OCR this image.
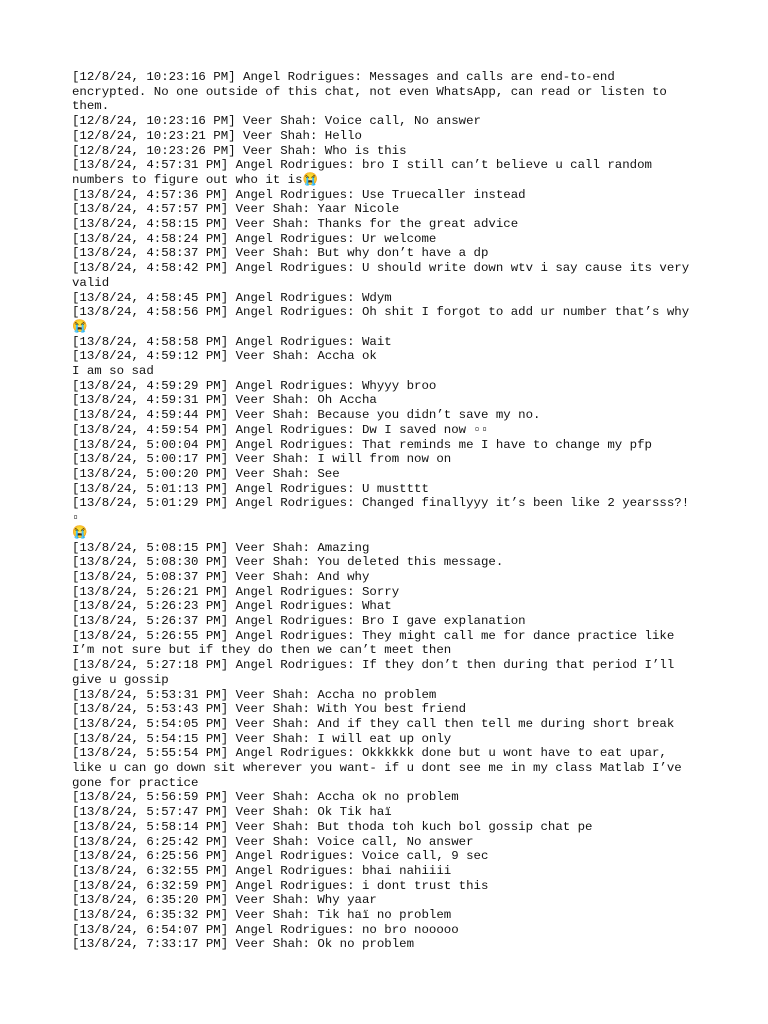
[12/8/24, 10:23:16 PM] Angel Rodrigues: Messages and calls are end-to-end encrypted. No one outside of this chat, not even WhatsApp, can read or listen to them.

[12/8/24, 10:23:16 PM] Veer Shah: Voice call, No answer

[12/8/24, 10:23:21 PM] Veer Shah: Hello

[12/8/24, 10:23:26 PM] Veer Shah: Who is this

[13/8/24, 4:57:31 PM] Angel Rodrigues: bro I still can’t believe u call random numbers to figure out who it is😭

[13/8/24, 4:57:36 PM] Angel Rodrigues: Use Truecaller instead

[13/8/24, 4:57:57 PM] Veer Shah: Yaar Nicole

[13/8/24, 4:58:15 PM] Veer Shah: Thanks for the great advice

[13/8/24, 4:58:24 PM] Angel Rodrigues: Ur welcome

[13/8/24, 4:58:37 PM] Veer Shah: But why don’t have a dp

[13/8/24, 4:58:42 PM] Angel Rodrigues: U should write down wtv i say cause its very valid

[13/8/24, 4:58:45 PM] Angel Rodrigues: Wdym

[13/8/24, 4:58:56 PM] Angel Rodrigues: Oh shit I forgot to add ur number that’s why😭

[13/8/24, 4:58:58 PM] Angel Rodrigues: Wait

[13/8/24, 4:59:12 PM] Veer Shah: Accha ok
I am so sad

[13/8/24, 4:59:29 PM] Angel Rodrigues: Whyyy broo

[13/8/24, 4:59:31 PM] Veer Shah: Oh Accha

[13/8/24, 4:59:44 PM] Veer Shah: Because you didn’t save my no.

[13/8/24, 4:59:54 PM] Angel Rodrigues: Dw I saved now ▫▫

[13/8/24, 5:00:04 PM] Angel Rodrigues: That reminds me I have to change my pfp

[13/8/24, 5:00:17 PM] Veer Shah: I will from now on

[13/8/24, 5:00:20 PM] Veer Shah: See

[13/8/24, 5:01:13 PM] Angel Rodrigues: U mustttt

[13/8/24, 5:01:29 PM] Angel Rodrigues: Changed finallyyy it’s been like 2 yearsss?!▫
😭

[13/8/24, 5:08:15 PM] Veer Shah: Amazing

[13/8/24, 5:08:30 PM] Veer Shah: You deleted this message.

[13/8/24, 5:08:37 PM] Veer Shah: And why

[13/8/24, 5:26:21 PM] Angel Rodrigues: Sorry

[13/8/24, 5:26:23 PM] Angel Rodrigues: What

[13/8/24, 5:26:37 PM] Angel Rodrigues: Bro I gave explanation

[13/8/24, 5:26:55 PM] Angel Rodrigues: They might call me for dance practice like I’m not sure but if they do then we can’t meet then

[13/8/24, 5:27:18 PM] Angel Rodrigues: If they don’t then during that period I’ll give u gossip

[13/8/24, 5:53:31 PM] Veer Shah: Accha no problem

[13/8/24, 5:53:43 PM] Veer Shah: With You best friend

[13/8/24, 5:54:05 PM] Veer Shah: And if they call then tell me during short break

[13/8/24, 5:54:15 PM] Veer Shah: I will eat up only

[13/8/24, 5:55:54 PM] Angel Rodrigues: Okkkkkk done but u wont have to eat upar, like u can go down sit wherever you want- if u dont see me in my class Matlab I’ve gone for practice

[13/8/24, 5:56:59 PM] Veer Shah: Accha ok no problem

[13/8/24, 5:57:47 PM] Veer Shah: Ok Tik haï

[13/8/24, 5:58:14 PM] Veer Shah: But thoda toh kuch bol gossip chat pe

[13/8/24, 6:25:42 PM] Veer Shah: Voice call, No answer

[13/8/24, 6:25:56 PM] Angel Rodrigues: Voice call, 9 sec

[13/8/24, 6:32:55 PM] Angel Rodrigues: bhai nahiiii

[13/8/24, 6:32:59 PM] Angel Rodrigues: i dont trust this

[13/8/24, 6:35:20 PM] Veer Shah: Why yaar

[13/8/24, 6:35:32 PM] Veer Shah: Tik haï no problem

[13/8/24, 6:54:07 PM] Angel Rodrigues: no bro nooooo

[13/8/24, 7:33:17 PM] Veer Shah: Ok no problem
